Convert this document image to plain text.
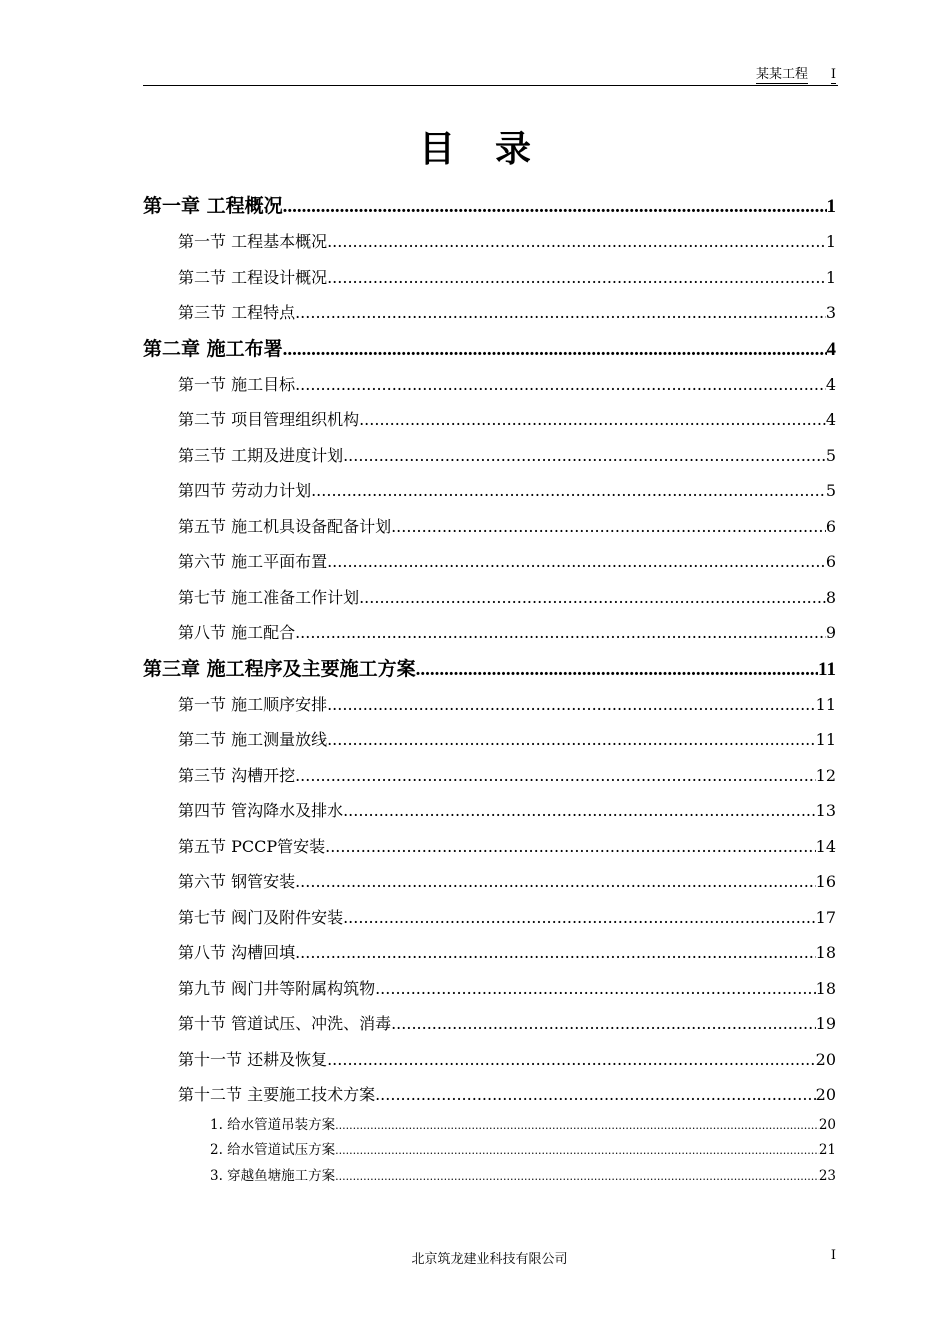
某某工程 I
目录
第一章 工程概况 .....	1
第一节 工程基本概况 .....	1
第二节 工程设计概况 .....	1
第三节 工程特点 .....	3
第二章 施工布署 .....	4
第一节 施工目标 .....	4
第二节 项目管理组织机构 .....	4
第三节 工期及进度计划 .....	5
第四节 劳动力计划 .....	5
第五节 施工机具设备配备计划 .....	6
第六节 施工平面布置 .....	6
第七节 施工准备工作计划 .....	8
第八节 施工配合 .....	9
第三章 施工程序及主要施工方案 .....	11
第一节 施工顺序安排 .....	11
第二节 施工测量放线 .....	11
第三节 沟槽开挖 .....	12
第四节 管沟降水及排水 .....	13
第五节 PCCP管安装 .....	14
第六节 钢管安装 .....	16
第七节 阀门及附件安装 .....	17
第八节 沟槽回填 .....	18
第九节 阀门井等附属构筑物 .....	18
第十节 管道试压、冲洗、消毒 .....	19
第十一节 还耕及恢复 .....	20
第十二节 主要施工技术方案 .....	20
1. 给水管道吊装方案 .....	20
2. 给水管道试压方案 .....	21
3. 穿越鱼塘施工方案 .....	23
北京筑龙建业科技有限公司	I
